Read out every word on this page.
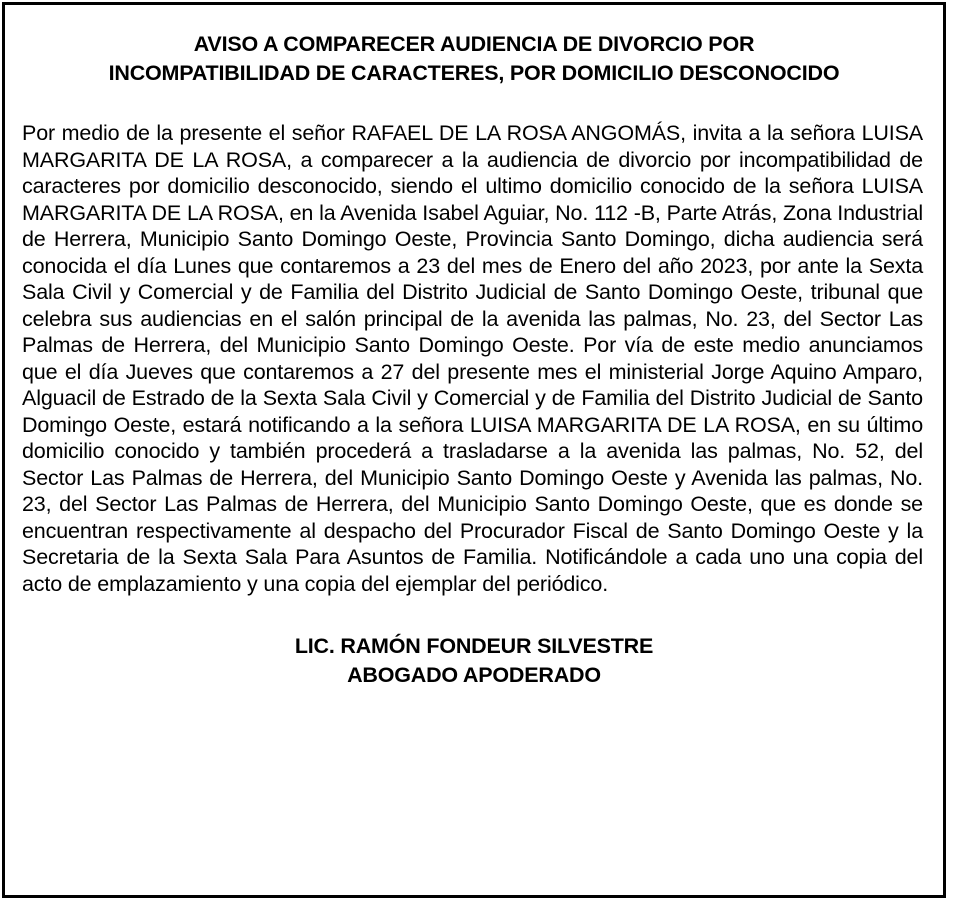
AVISO A COMPARECER AUDIENCIA DE DIVORCIO POR INCOMPATIBILIDAD DE CARACTERES, POR DOMICILIO DESCONOCIDO
Por medio de la presente el señor RAFAEL DE LA ROSA ANGOMÁS, invita a la señora LUISA MARGARITA DE LA ROSA, a comparecer a la audiencia de divorcio por incompatibilidad de caracteres por domicilio desconocido, siendo el ultimo domicilio conocido de la señora LUISA MARGARITA DE LA ROSA, en la Avenida Isabel Aguiar, No. 112 -B, Parte Atrás, Zona Industrial de Herrera, Municipio Santo Domingo Oeste, Provincia Santo Domingo, dicha audiencia será conocida el día Lunes que contaremos a 23 del mes de Enero del año 2023, por ante la Sexta Sala Civil y Comercial y de Familia del Distrito Judicial de Santo Domingo Oeste, tribunal que celebra sus audiencias en el salón principal de la avenida las palmas, No. 23, del Sector Las Palmas de Herrera, del Municipio Santo Domingo Oeste. Por vía de este medio anunciamos que el día Jueves que contaremos a 27 del presente mes el ministerial Jorge Aquino Amparo, Alguacil de Estrado de la Sexta Sala Civil y Comercial y de Familia del Distrito Judicial de Santo Domingo Oeste, estará notificando a la señora LUISA MARGARITA DE LA ROSA, en su último domicilio conocido y también procederá a trasladarse a la avenida las palmas, No. 52, del Sector Las Palmas de Herrera, del Municipio Santo Domingo Oeste y Avenida las palmas, No. 23, del Sector Las Palmas de Herrera, del Municipio Santo Domingo Oeste, que es donde se encuentran respectivamente al despacho del Procurador Fiscal de Santo Domingo Oeste y la Secretaria de la Sexta Sala Para Asuntos de Familia. Notificándole a cada uno una copia del acto de emplazamiento y una copia del ejemplar del periódico.
LIC. RAMÓN FONDEUR SILVESTRE
ABOGADO APODERADO
